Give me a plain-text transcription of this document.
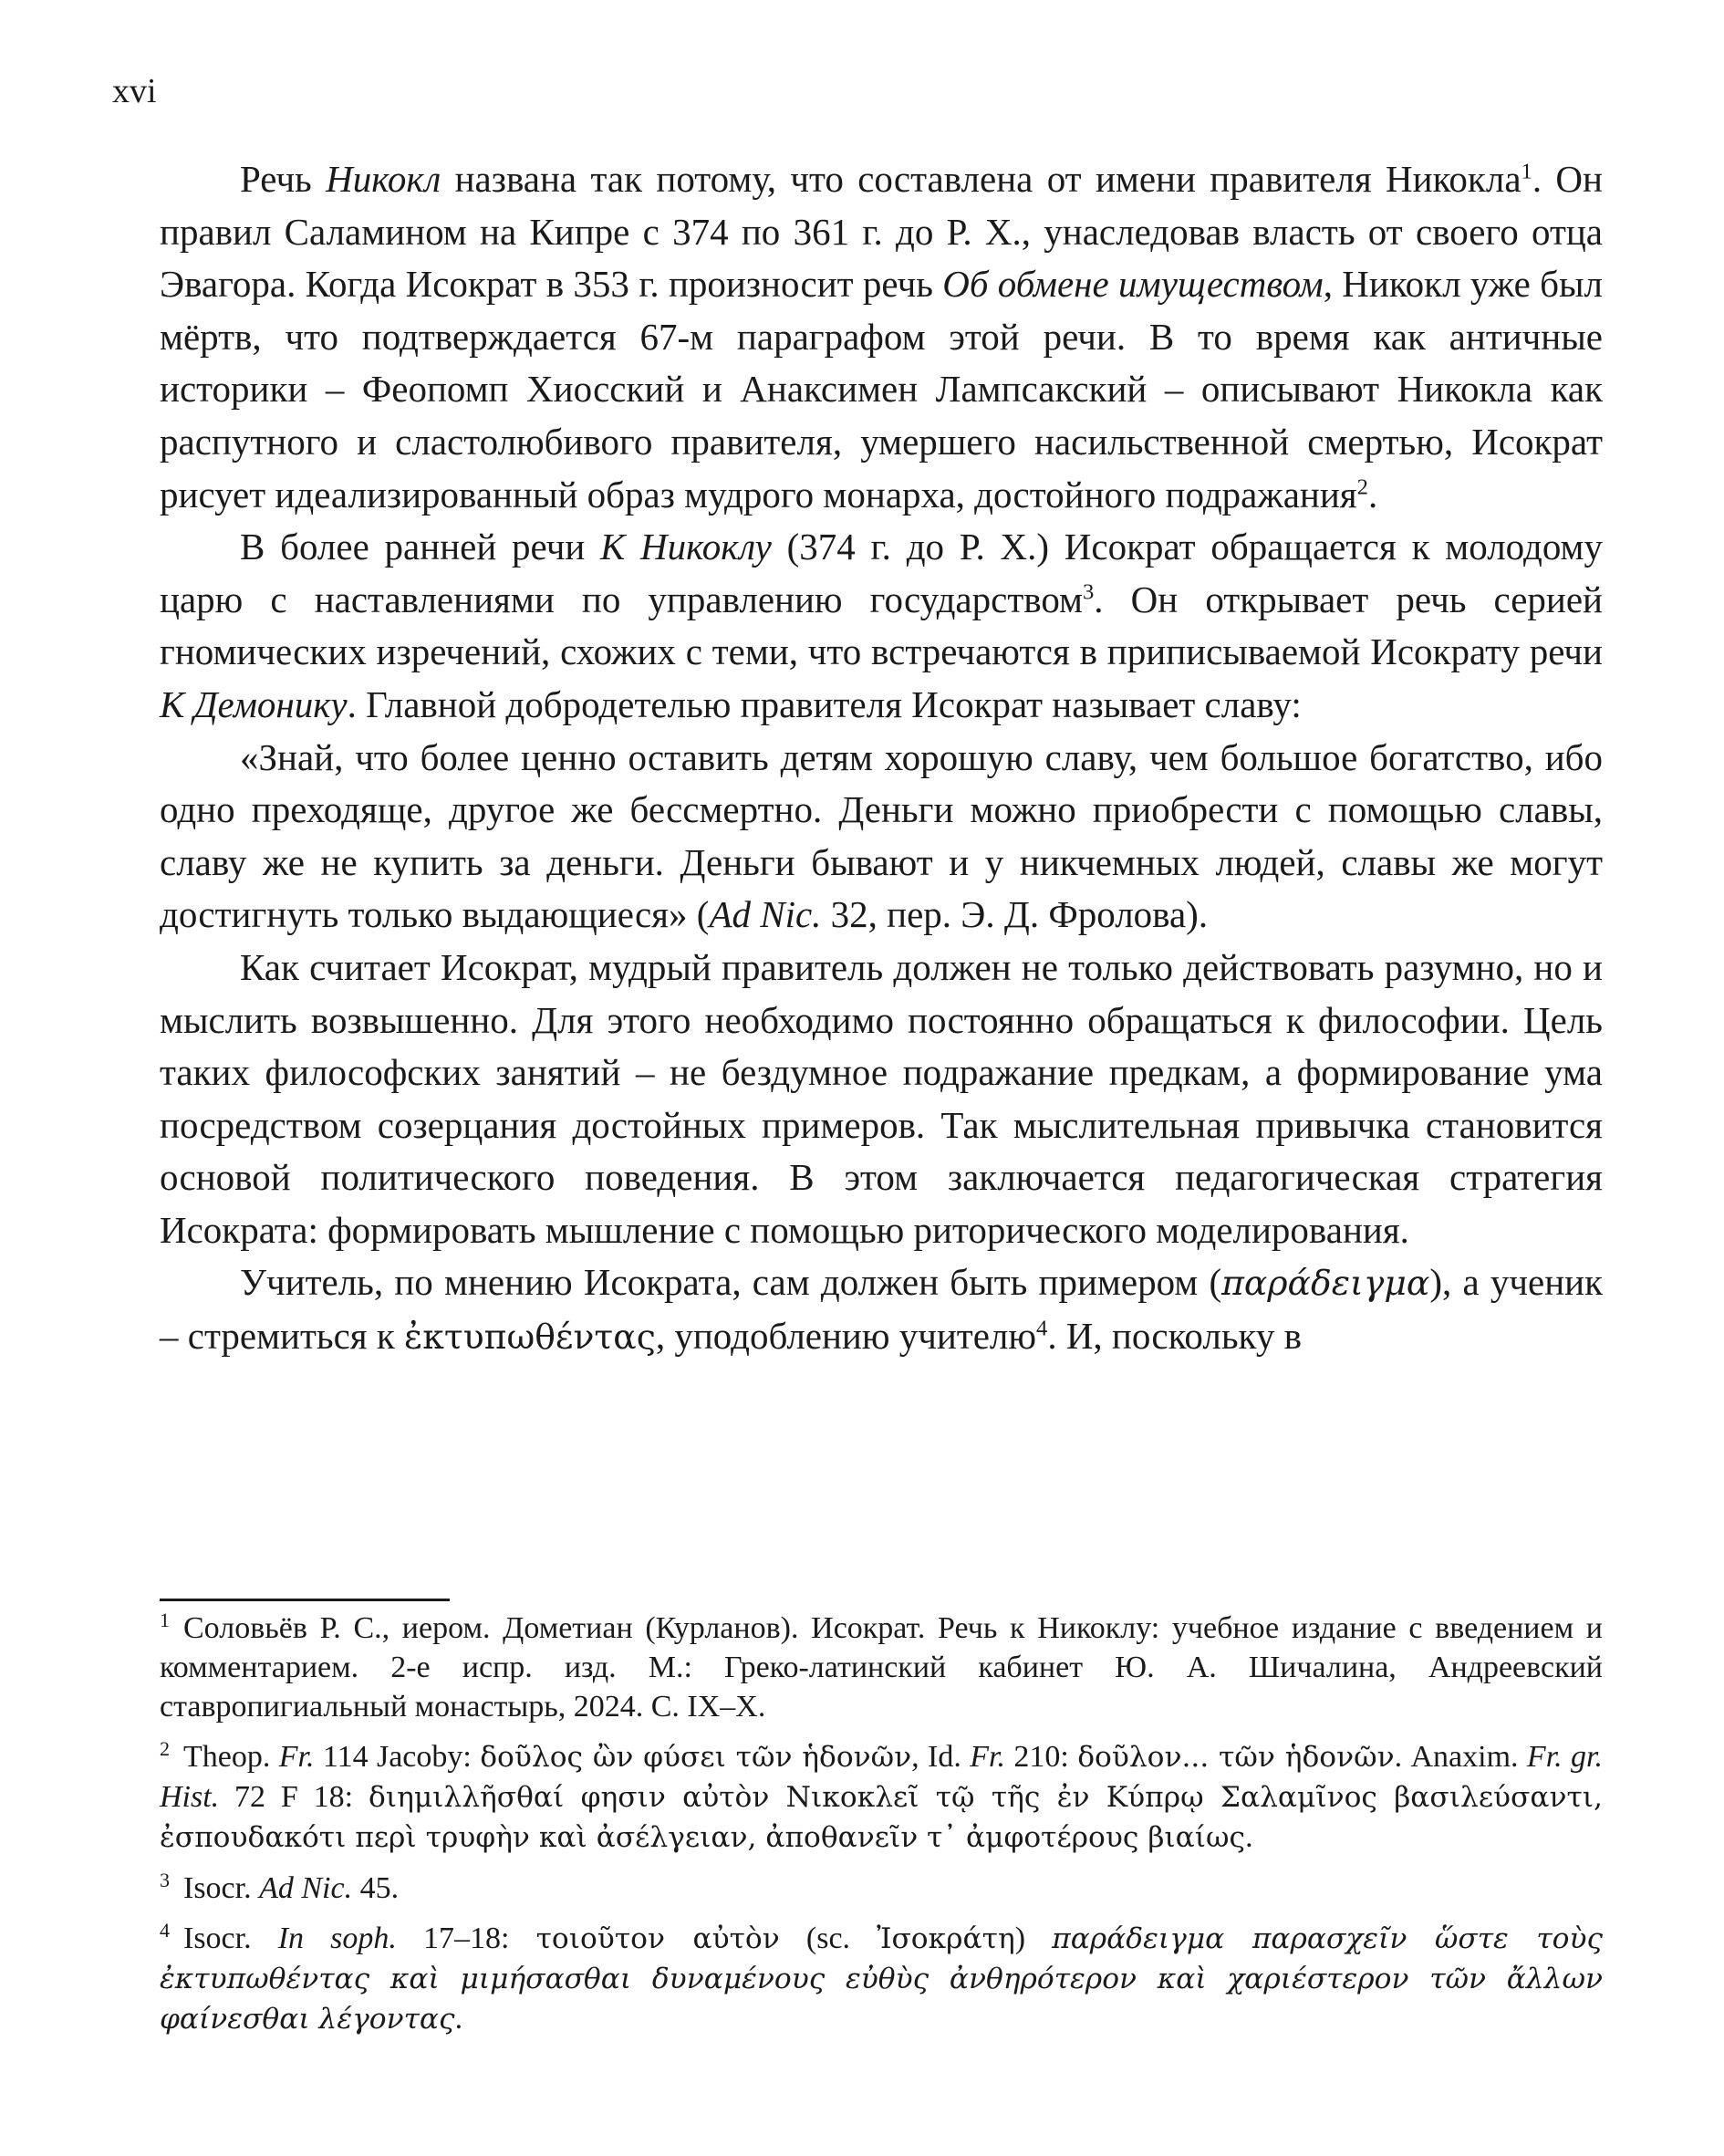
xvi

Речь Никокл названа так потому, что составлена от имени правителя Никокла$^1$. Он правил Саламином на Кипре с 374 по 361 г. до Р. Х., унаследовав власть от своего отца Эвагора. Когда Исократ в 353 г. произносит речь Об обмене имуществом, Никокл уже был мёртв, что подтверждается 67-м параграфом этой речи. В то время как античные историки – Феопомп Хиосский и Анаксимен Лампсакский – описывают Никокла как распутного и сластолюбивого правителя, умершего насильственной смертью, Исократ рисует идеализированный образ мудрого монарха, достойного подражания$^2$.

В более ранней речи К Никоклу (374 г. до Р. Х.) Исократ обращается к молодому царю с наставлениями по управлению государством$^3$. Он открывает речь серией гномических изречений, схожих с теми, что встречаются в приписываемой Исократу речи К Демонику. Главной добродетелью правителя Исократ называет славу:

«Знай, что более ценно оставить детям хорошую славу, чем большое богатство, ибо одно преходяще, другое же бессмертно. Деньги можно приобрести с помощью славы, славу же не купить за деньги. Деньги бывают и у никчемных людей, славы же могут достигнуть только выдающиеся» (Ad Nic. 32, пер. Э. Д. Фролова).

Как считает Исократ, мудрый правитель должен не только действовать разумно, но и мыслить возвышенно. Для этого необходимо постоянно обращаться к философии. Цель таких философских занятий – не бездумное подражание предкам, а формирование ума посредством созерцания достойных примеров. Так мыслительная привычка становится основой политического поведения. В этом заключается педагогическая стратегия Исократа: формировать мышление с помощью риторического моделирования.

Учитель, по мнению Исократа, сам должен быть примером (παράδειγμα), а ученик – стремиться к ἐκτυπωθέντας, уподоблению учителю$^4$. И, поскольку в

1 Соловьёв Р. С., иером. Дометиан (Курланов). Исократ. Речь к Никоклу: учебное издание с введением и комментарием. 2-е испр. изд. М.: Греко-латинский кабинет Ю. А. Шичалина, Андреевский ставропигиальный монастырь, 2024. С. IX–X.

2 Theop. Fr. 114 Jacoby: δοῦλος ὢν φύσει τῶν ἡδονῶν, Id. Fr. 210: δοῦλον... τῶν ἡδονῶν. Anaxim. Fr. gr. Hist. 72 F 18: διημιλλῆσθαί φησιν αὐτὸν Νικοκλεῖ τῷ τῆς ἐν Κύπρῳ Σαλαμῖνος βασιλεύσαντι, ἐσπουδακότι περὶ τρυφὴν καὶ ἀσέλγειαν, ἀποθανεῖν τ᾽ ἀμφοτέρους βιαίως.

3 Isocr. Ad Nic. 45.

4 Isocr. In soph. 17–18: τοιοῦτον αὐτὸν (sc. Ἰσοκράτη) παράδειγμα παρασχεῖν ὥστε τοὺς ἐκτυπωθέντας καὶ μιμήσασθαι δυναμένους εὐθὺς ἀνθηρότερον καὶ χαριέστερον τῶν ἄλλων φαίνεσθαι λέγοντας.
